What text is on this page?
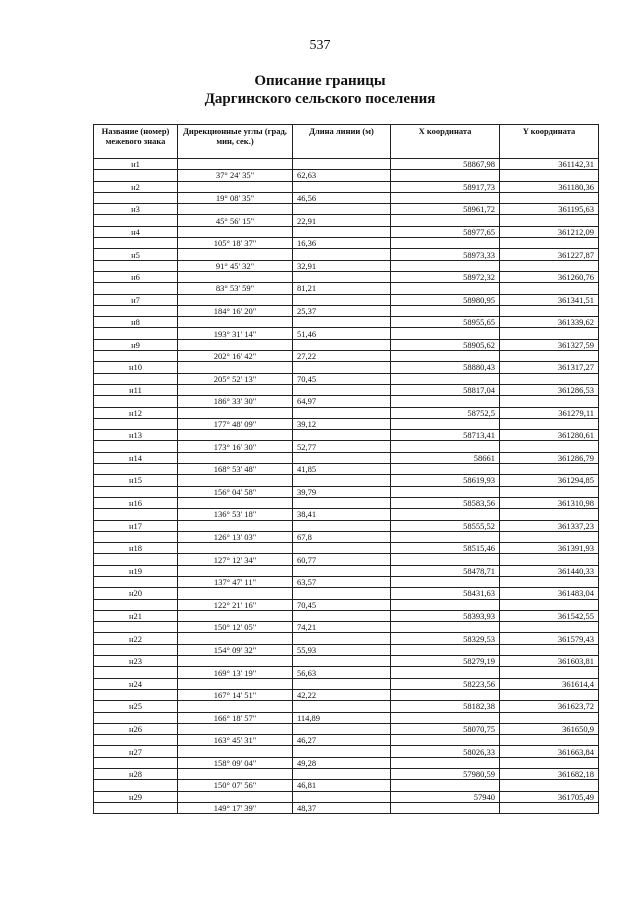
537
Описание границы
Даргинского сельского поселения
Название (номер) межевого знака	Дирекционные углы (град, мин, сек.)	Длина линии (м)	X координата	Y координата
н1			58867,98	361142,31
	37° 24' 35"	62,63		
н2			58917,73	361180,36
	19° 08' 35"	46,56		
н3			58961,72	361195,63
	45° 56' 15"	22,91		
н4			58977,65	361212,09
	105° 18' 37"	16,36		
н5			58973,33	361227,87
	91° 45' 32"	32,91		
н6			58972,32	361260,76
	83° 53' 59"	81,21		
н7			58980,95	361341,51
	184° 16' 20"	25,37		
н8			58955,65	361339,62
	193° 31' 14"	51,46		
н9			58905,62	361327,59
	202° 16' 42"	27,22		
н10			58880,43	361317,27
	205° 52' 13"	70,45		
н11			58817,04	361286,53
	186° 33' 30"	64,97		
н12			58752,5	361279,11
	177° 48' 09"	39,12		
н13			58713,41	361280,61
	173° 16' 30"	52,77		
н14			58661	361286,79
	168° 53' 48"	41,85		
н15			58619,93	361294,85
	156° 04' 58"	39,79		
н16			58583,56	361310,98
	136° 53' 18"	38,41		
н17			58555,52	361337,23
	126° 13' 03"	67,8		
н18			58515,46	361391,93
	127° 12' 34"	60,77		
н19			58478,71	361440,33
	137° 47' 11"	63,57		
н20			58431,63	361483,04
	122° 21' 16"	70,45		
н21			58393,93	361542,55
	150° 12' 05"	74,21		
н22			58329,53	361579,43
	154° 09' 32"	55,93		
н23			58279,19	361603,81
	169° 13' 19"	56,63		
н24			58223,56	361614,4
	167° 14' 51"	42,22		
н25			58182,38	361623,72
	166° 18' 57"	114,89		
н26			58070,75	361650,9
	163° 45' 31"	46,27		
н27			58026,33	361663,84
	158° 09' 04"	49,28		
н28			57980,59	361682,18
	150° 07' 56"	46,81		
н29			57940	361705,49
	149° 17' 39"	48,37		
